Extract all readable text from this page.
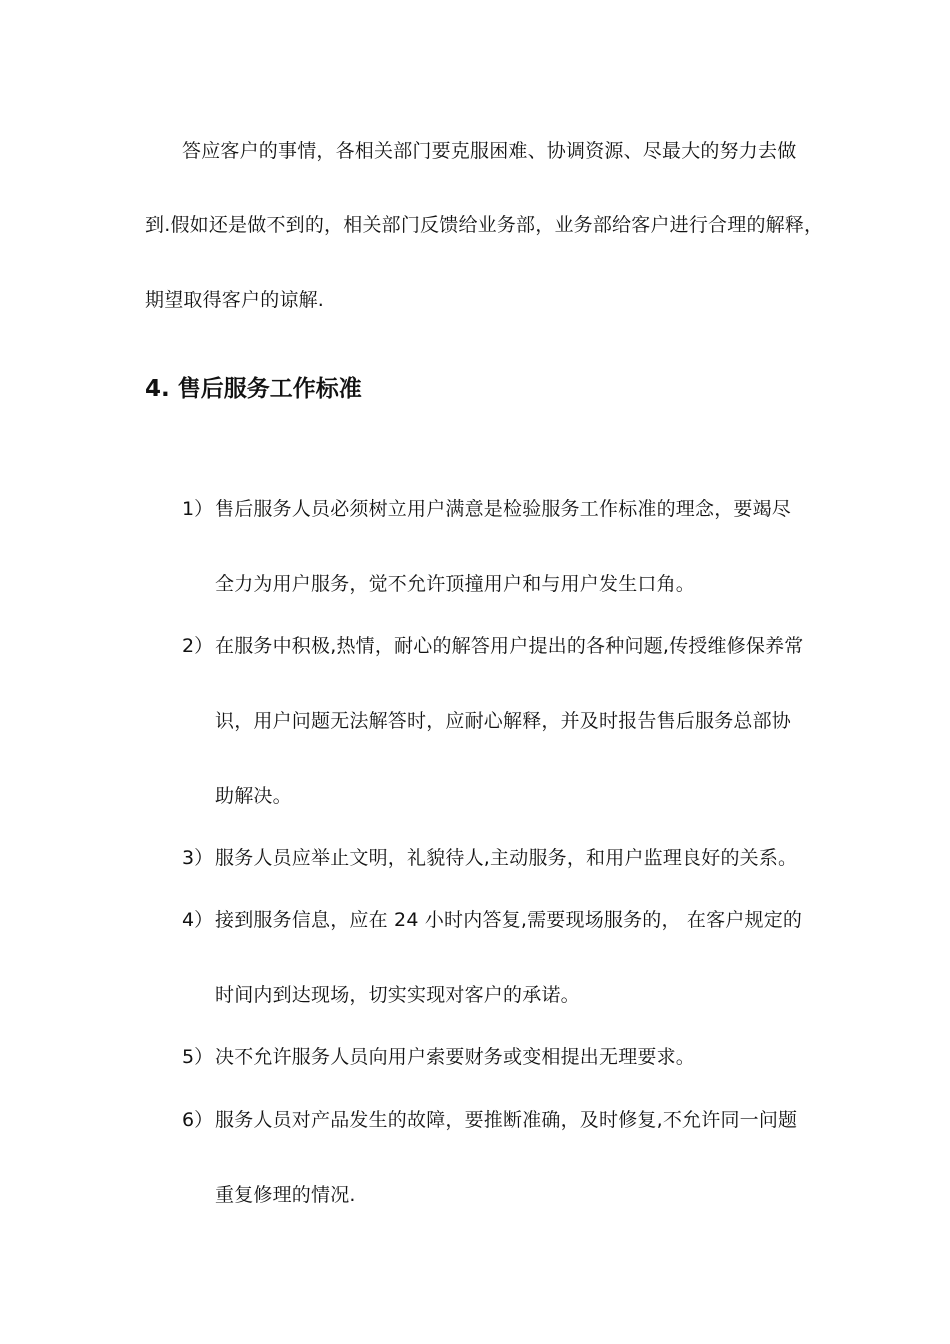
答应客户的事情，各相关部门要克服困难、协调资源、尽最大的努力去做
到.假如还是做不到的，相关部门反馈给业务部，业务部给客户进行合理的解释，
期望取得客户的谅解.
4. 售后服务工作标准
1） 售后服务人员必须树立用户满意是检验服务工作标准的理念，要竭尽
全力为用户服务，觉不允许顶撞用户和与用户发生口角。
2） 在服务中积极,热情，耐心的解答用户提出的各种问题,传授维修保养常
识，用户问题无法解答时，应耐心解释，并及时报告售后服务总部协
助解决。
3） 服务人员应举止文明，礼貌待人,主动服务，和用户监理良好的关系。
4） 接到服务信息，应在 24 小时内答复,需要现场服务的， 在客户规定的
时间内到达现场，切实实现对客户的承诺。
5） 决不允许服务人员向用户索要财务或变相提出无理要求。
6） 服务人员对产品发生的故障，要推断准确，及时修复,不允许同一问题
重复修理的情况.
